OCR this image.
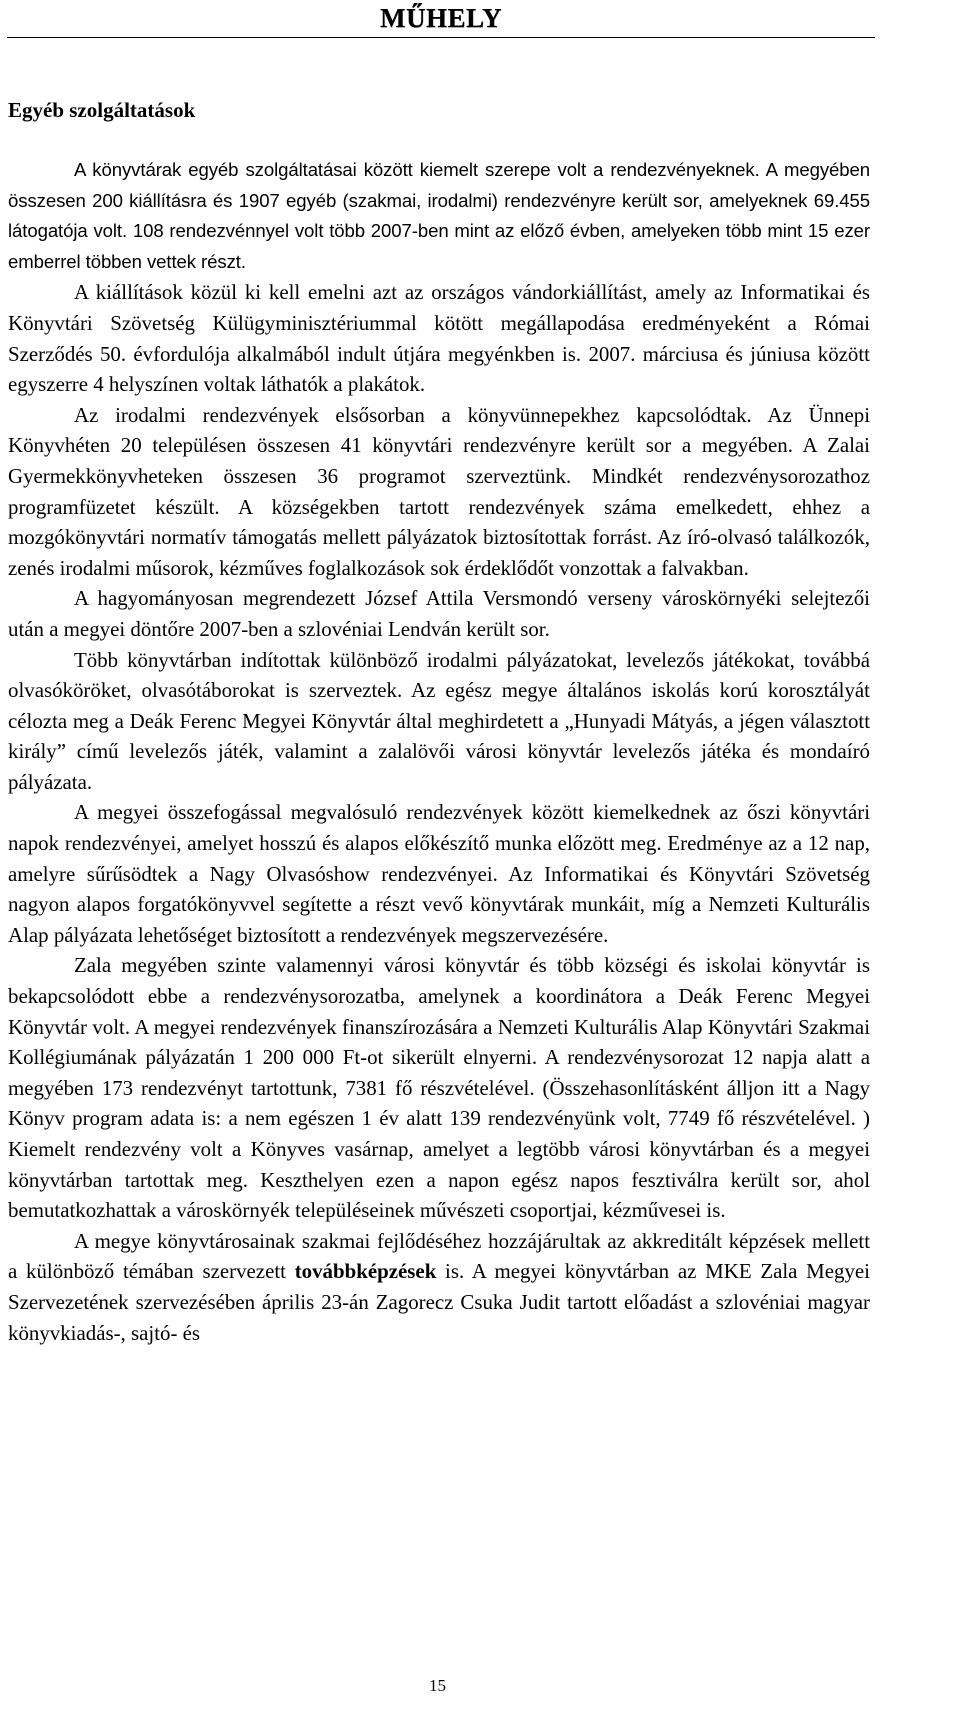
MŰHELY
Egyéb szolgáltatások

A könyvtárak egyéb szolgáltatásai között kiemelt szerepe volt a rendezvényeknek. A megyében összesen 200 kiállításra és 1907 egyéb (szakmai, irodalmi) rendezvényre került sor, amelyeknek 69.455 látogatója volt. 108 rendezvénnyel volt több 2007-ben mint az előző évben, amelyeken több mint 15 ezer emberrel többen vettek részt.

A kiállítások közül ki kell emelni azt az országos vándorkiállítást, amely az Informatikai és Könyvtári Szövetség Külügyminisztériummal kötött megállapodása eredményeként a Római Szerződés 50. évfordulója alkalmából indult útjára megyénkben is. 2007. márciusa és júniusa között egyszerre 4 helyszínen voltak láthatók a plakátok.

Az irodalmi rendezvények elsősorban a könyvünnepekhez kapcsolódtak. Az Ünnepi Könyvhéten 20 településen összesen 41 könyvtári rendezvényre került sor a megyében. A Zalai Gyermekkönyvheteken összesen 36 programot szerveztünk. Mindkét rendezvénysorozathoz programfüzetet készült. A községekben tartott rendezvények száma emelkedett, ehhez a mozgókönyvtári normatív támogatás mellett pályázatok biztosítottak forrást. Az író-olvasó találkozók, zenés irodalmi műsorok, kézműves foglalkozások sok érdeklődőt vonzottak a falvakban.

A hagyományosan megrendezett József Attila Versmondó verseny városkörnyéki selejtezői után a megyei döntőre 2007-ben a szlovéniai Lendván került sor.

Több könyvtárban indítottak különböző irodalmi pályázatokat, levelezős játékokat, továbbá olvasóköröket, olvasótáborokat is szerveztek. Az egész megye általános iskolás korú korosztályát célozta meg a Deák Ferenc Megyei Könyvtár által meghirdetett a „Hunyadi Mátyás, a jégen választott király” című levelezős játék, valamint a zalalövői városi könyvtár levelezős játéka és mondaíró pályázata.

A megyei összefogással megvalósuló rendezvények között kiemelkednek az őszi könyvtári napok rendezvényei, amelyet hosszú és alapos előkészítő munka előzött meg. Eredménye az a 12 nap, amelyre sűrűsödtek a Nagy Olvasóshow rendezvényei. Az Informatikai és Könyvtári Szövetség nagyon alapos forgatókönyvvel segítette a részt vevő könyvtárak munkáit, míg a Nemzeti Kulturális Alap pályázata lehetőséget biztosított a rendezvények megszervezésére.

Zala megyében szinte valamennyi városi könyvtár és több községi és iskolai könyvtár is bekapcsolódott ebbe a rendezvénysorozatba, amelynek a koordinátora a Deák Ferenc Megyei Könyvtár volt. A megyei rendezvények finanszírozására a Nemzeti Kulturális Alap Könyvtári Szakmai Kollégiumának pályázatán 1 200 000 Ft-ot sikerült elnyerni. A rendezvénysorozat 12 napja alatt a megyében 173 rendezvényt tartottunk, 7381 fő részvételével. (Összehasonlításként álljon itt a Nagy Könyv program adata is: a nem egészen 1 év alatt 139 rendezvényünk volt, 7749 fő részvételével. ) Kiemelt rendezvény volt a Könyves vasárnap, amelyet a legtöbb városi könyvtárban és a megyei könyvtárban tartottak meg. Keszthelyen ezen a napon egész napos fesztiválra került sor, ahol bemutatkozhattak a városkörnyék településeinek művészeti csoportjai, kézművesei is.

A megye könyvtárosainak szakmai fejlődéséhez hozzájárultak az akkreditált képzések mellett a különböző témában szervezett továbbképzések is. A megyei könyvtárban az MKE Zala Megyei Szervezetének szervezésében április 23-án Zagorecz Csuka Judit tartott előadást a szlovéniai magyar könyvkiadás-, sajtó- és

15
